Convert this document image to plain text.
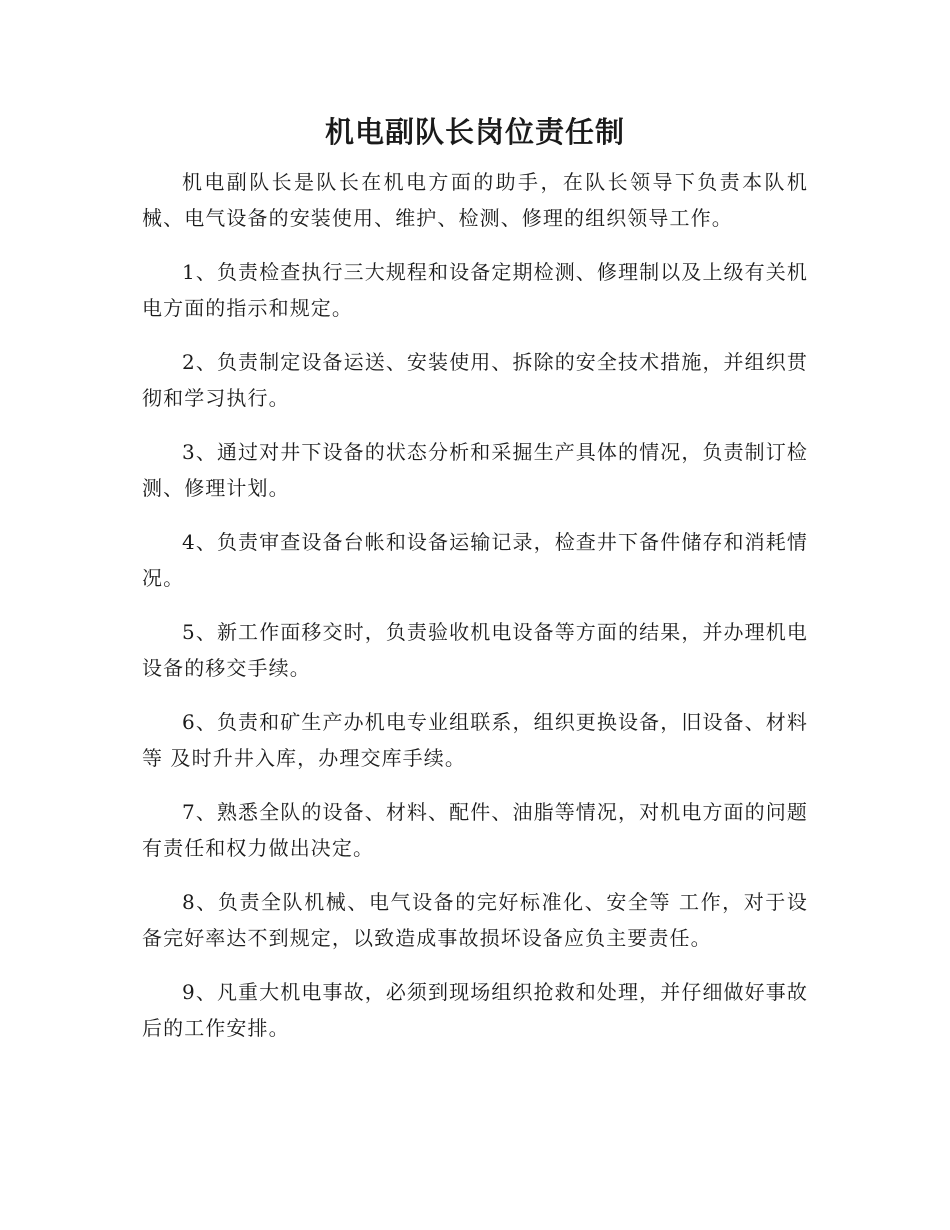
机电副队长岗位责任制

机电副队长是队长在机电方面的助手，在队长领导下负责本队机械、电气设备的安装使用、维护、检测、修理的组织领导工作。

1、负责检查执行三大规程和设备定期检测、修理制以及上级有关机电方面的指示和规定。

2、负责制定设备运送、安装使用、拆除的安全技术措施，并组织贯彻和学习执行。

3、通过对井下设备的状态分析和采掘生产具体的情况，负责制订检测、修理计划。

4、负责审查设备台帐和设备运输记录，检查井下备件储存和消耗情况。

5、新工作面移交时，负责验收机电设备等方面的结果，并办理机电设备的移交手续。

6、负责和矿生产办机电专业组联系，组织更换设备，旧设备、材料等 及时升井入库，办理交库手续。

7、熟悉全队的设备、材料、配件、油脂等情况，对机电方面的问题有责任和权力做出决定。

8、负责全队机械、电气设备的完好标准化、安全等 工作，对于设备完好率达不到规定，以致造成事故损坏设备应负主要责任。

9、凡重大机电事故，必须到现场组织抢救和处理，并仔细做好事故后的工作安排。
